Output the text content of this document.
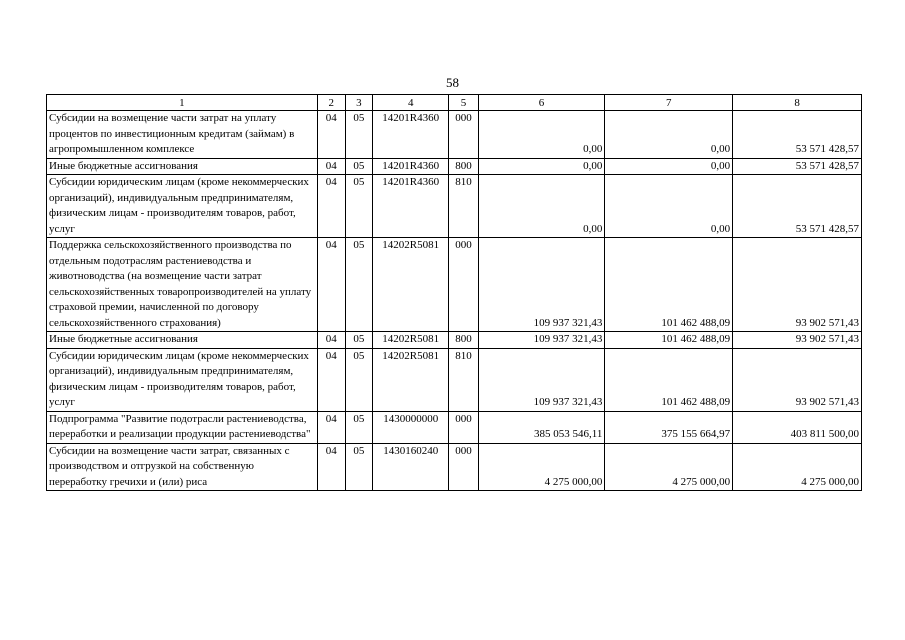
58
1	2	3	4	5	6	7	8
Субсидии на возмещение части затрат на уплату процентов по инвестиционным кредитам (займам) в агропромышленном комплексе	04	05	14201R4360	000	0,00	0,00	53 571 428,57
Иные бюджетные ассигнования	04	05	14201R4360	800	0,00	0,00	53 571 428,57
Субсидии юридическим лицам (кроме некоммерческих организаций), индивидуальным предпринимателям, физическим лицам - производителям товаров, работ, услуг	04	05	14201R4360	810	0,00	0,00	53 571 428,57
Поддержка сельскохозяйственного производства по отдельным подотраслям растениеводства и животноводства (на возмещение части затрат сельскохозяйственных товаропроизводителей на уплату страховой премии, начисленной по договору сельскохозяйственного страхования)	04	05	14202R5081	000	109 937 321,43	101 462 488,09	93 902 571,43
Иные бюджетные ассигнования	04	05	14202R5081	800	109 937 321,43	101 462 488,09	93 902 571,43
Субсидии юридическим лицам (кроме некоммерческих организаций), индивидуальным предпринимателям, физическим лицам - производителям товаров, работ, услуг	04	05	14202R5081	810	109 937 321,43	101 462 488,09	93 902 571,43
Подпрограмма "Развитие подотрасли растениеводства, переработки и реализации продукции растениеводства"	04	05	1430000000	000	385 053 546,11	375 155 664,97	403 811 500,00
Субсидии на возмещение части затрат, связанных с производством и отгрузкой на собственную переработку гречихи и (или) риса	04	05	1430160240	000	4 275 000,00	4 275 000,00	4 275 000,00
